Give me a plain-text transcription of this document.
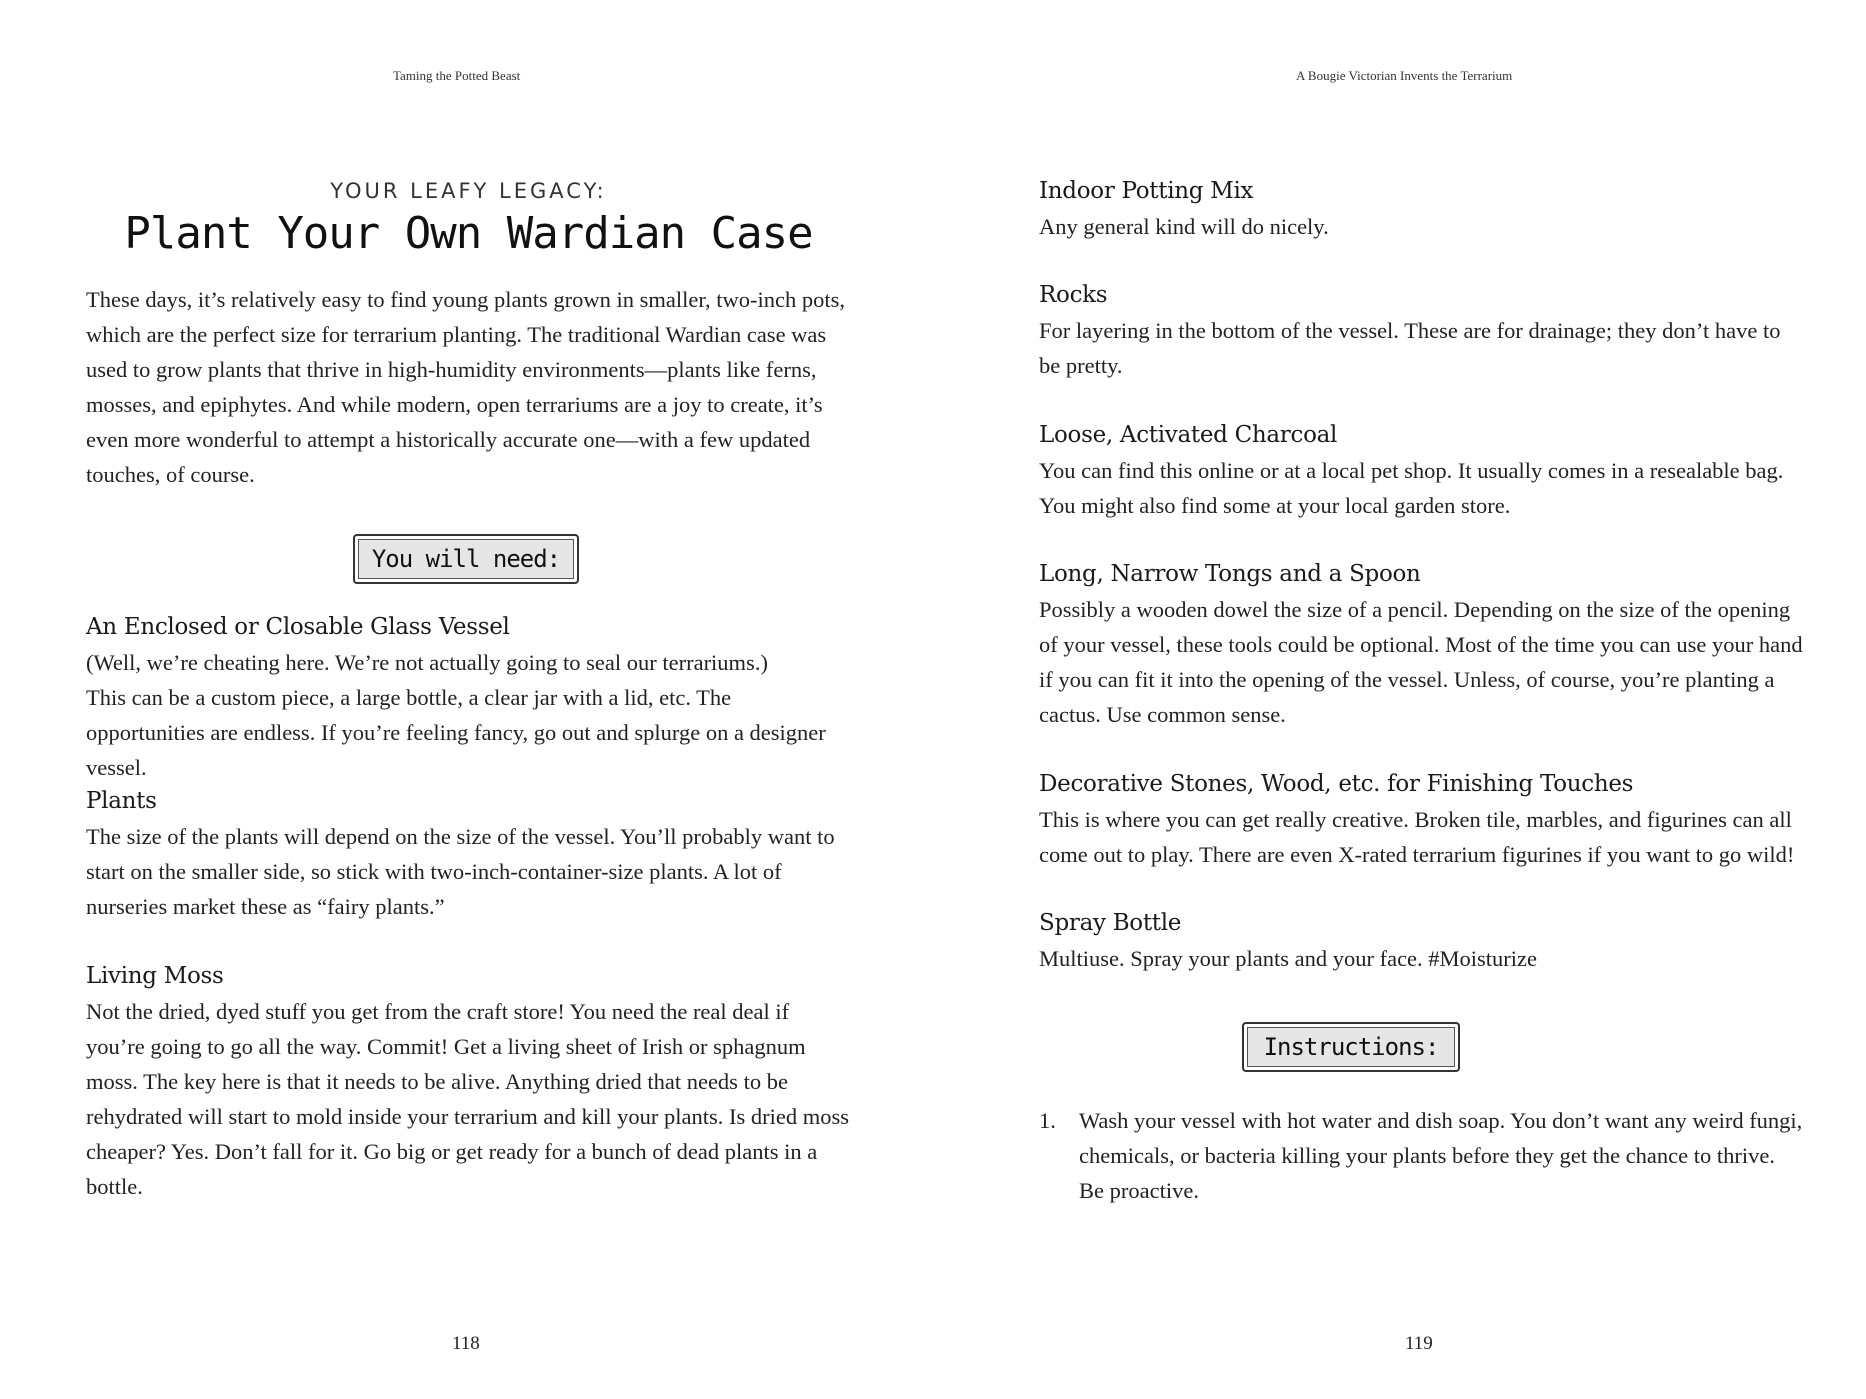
Taming the Potted Beast
YOUR LEAFY LEGACY:
Plant Your Own Wardian Case

These days, it’s relatively easy to find young plants grown in smaller, two-inch pots, which are the perfect size for terrarium planting. The traditional Wardian case was used to grow plants that thrive in high-humidity environments—plants like ferns, mosses, and epiphytes. And while modern, open terrariums are a joy to create, it’s even more wonderful to attempt a historically accurate one—with a few updated touches, of course.

You will need:
An Enclosed or Closable Glass Vessel

(Well, we’re cheating here. We’re not actually going to seal our terrariums.)

This can be a custom piece, a large bottle, a clear jar with a lid, etc. The opportunities are endless. If you’re feeling fancy, go out and splurge on a designer vessel.

Plants

The size of the plants will depend on the size of the vessel. You’ll probably want to start on the smaller side, so stick with two-inch-container-size plants. A lot of nurseries market these as “fairy plants.”

Living Moss

Not the dried, dyed stuff you get from the craft store! You need the real deal if you’re going to go all the way. Commit! Get a living sheet of Irish or sphagnum moss. The key here is that it needs to be alive. Anything dried that needs to be rehydrated will start to mold inside your terrarium and kill your plants. Is dried moss cheaper? Yes. Don’t fall for it. Go big or get ready for a bunch of dead plants in a bottle.

118
A Bougie Victorian Invents the Terrarium
Indoor Potting Mix

Any general kind will do nicely.

Rocks

For layering in the bottom of the vessel. These are for drainage; they don’t have to be pretty.

Loose, Activated Charcoal

You can find this online or at a local pet shop. It usually comes in a resealable bag. You might also find some at your local garden store.

Long, Narrow Tongs and a Spoon

Possibly a wooden dowel the size of a pencil. Depending on the size of the opening of your vessel, these tools could be optional. Most of the time you can use your hand if you can fit it into the opening of the vessel. Unless, of course, you’re planting a cactus. Use common sense.

Decorative Stones, Wood, etc. for Finishing Touches

This is where you can get really creative. Broken tile, marbles, and figurines can all come out to play. There are even X-rated terrarium figurines if you want to go wild!

Spray Bottle

Multiuse. Spray your plants and your face. #Moisturize

Instructions:
1.	Wash your vessel with hot water and dish soap. You don’t want any weird fungi, chemicals, or bacteria killing your plants before they get the chance to thrive. Be proactive.

119
